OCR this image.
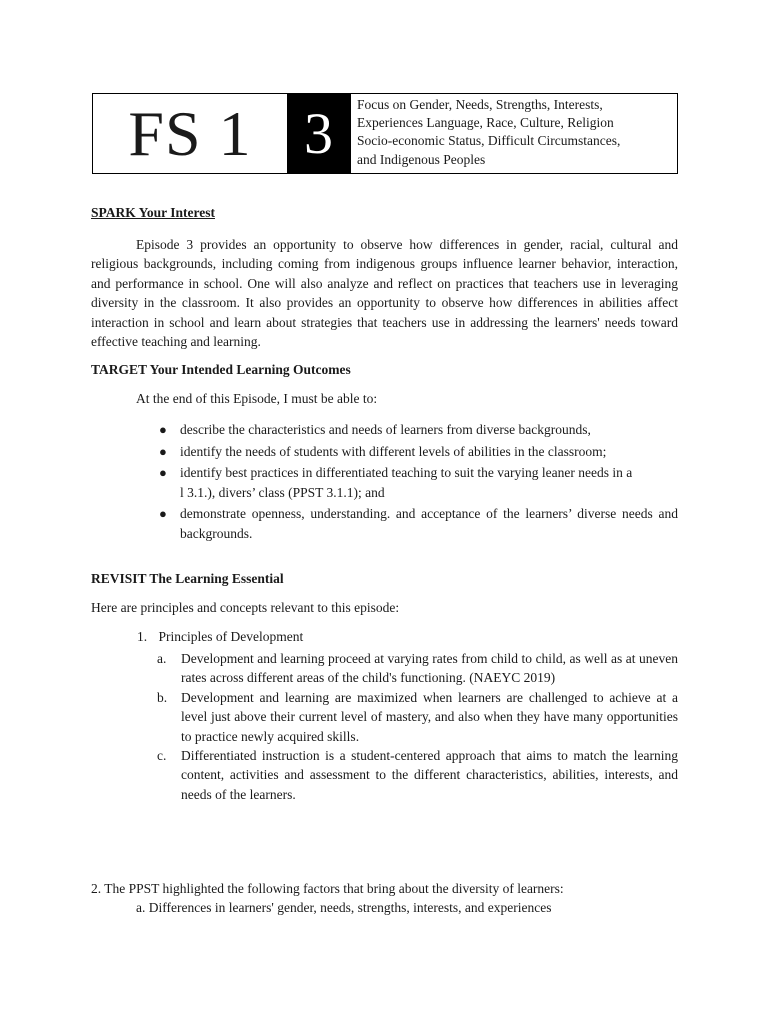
FS 1 3	Focus on Gender, Needs, Strengths, Interests,
Experiences Language, Race, Culture, Religion
Socio-economic Status, Difficult Circumstances,
and Indigenous Peoples
SPARK Your Interest
Episode 3 provides an opportunity to observe how differences in gender, racial, cultural and religious backgrounds, including coming from indigenous groups influence learner behavior, interaction, and performance in school. One will also analyze and reflect on practices that teachers use in leveraging diversity in the classroom. It also provides an opportunity to observe how differences in abilities affect interaction in school and learn about strategies that teachers use in addressing the learners' needs toward effective teaching and learning.
TARGET Your Intended Learning Outcomes
At the end of this Episode, I must be able to:
● describe the characteristics and needs of learners from diverse backgrounds,
● identify the needs of students with different levels of abilities in the classroom;
● identify best practices in differentiated teaching to suit the varying leaner needs in a
l 3.1.), divers’ class (PPST 3.1.1); and
● demonstrate openness, understanding. and acceptance of the learners’ diverse needs and backgrounds.
REVISIT The Learning Essential
Here are principles and concepts relevant to this episode:
1. Principles of Development
a. Development and learning proceed at varying rates from child to child, as well as at uneven rates across different areas of the child's functioning. (NAEYC 2019)
b. Development and learning are maximized when learners are challenged to achieve at a level just above their current level of mastery, and also when they have many opportunities to practice newly acquired skills.
c. Differentiated instruction is a student-centered approach that aims to match the learning content, activities and assessment to the different characteristics, abilities, interests, and needs of the learners.
2. The PPST highlighted the following factors that bring about the diversity of learners:
a. Differences in learners' gender, needs, strengths, interests, and experiences
